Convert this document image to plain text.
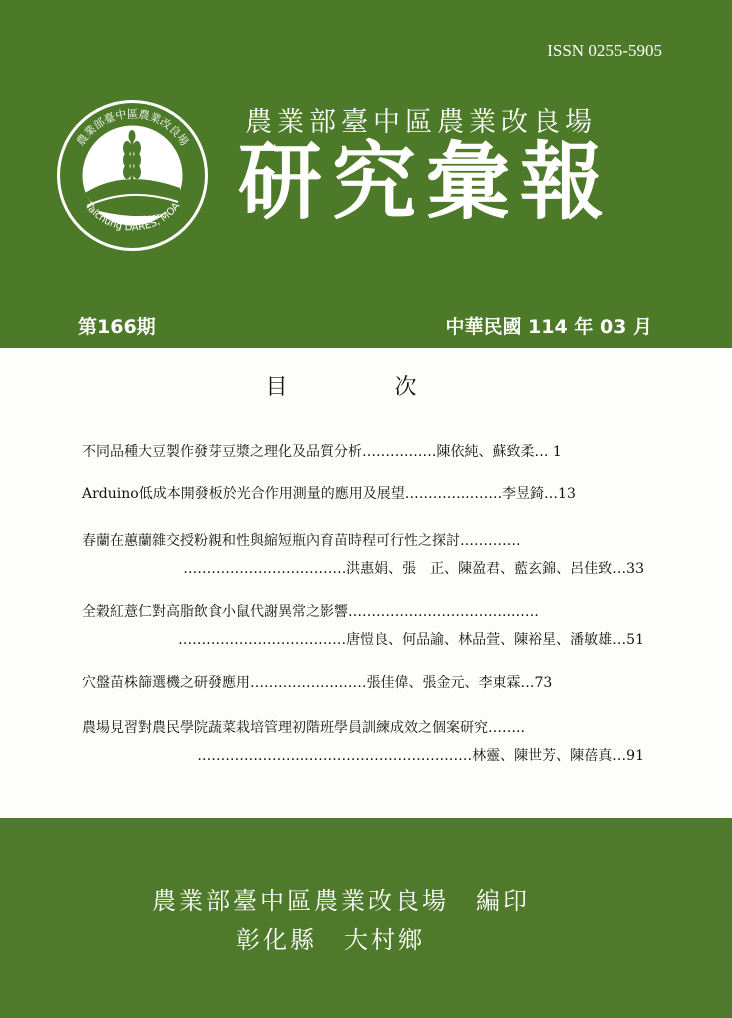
ISSN 0255-5905
1902
農業部臺中區農業改良場
Taichung DARES, MOA
農業部臺中區農業改良場
研究彙報
第166期	中華民國 114 年 03 月
目 次
不同品種大豆製作發芽豆漿之理化及品質分析……….……陳依純、蘇致柔… 1
Arduino低成本開發板於光合作用測量的應用及展望…………..…….李昱錡…13
春蘭在蕙蘭雜交授粉親和性與縮短瓶內育苗時程可行性之探討………….
…………………….……….洪惠娟、張　正、陳盈君、藍玄錦、呂佳致…33
全穀紅薏仁對高脂飲食小鼠代謝異常之影響……………………………..……
………………………………唐愷良、何品諭、林品萱、陳裕星、潘敏雄…51
穴盤苗株篩選機之研發應用……………….……張佳偉、張金元、李東霖…73
農場見習對農民學院蔬菜栽培管理初階班學員訓練成效之個案研究……..
…………………..………………………………林靈、陳世芳、陳蓓真…91
農業部臺中區農業改良場　編印
彰化縣　大村鄉
